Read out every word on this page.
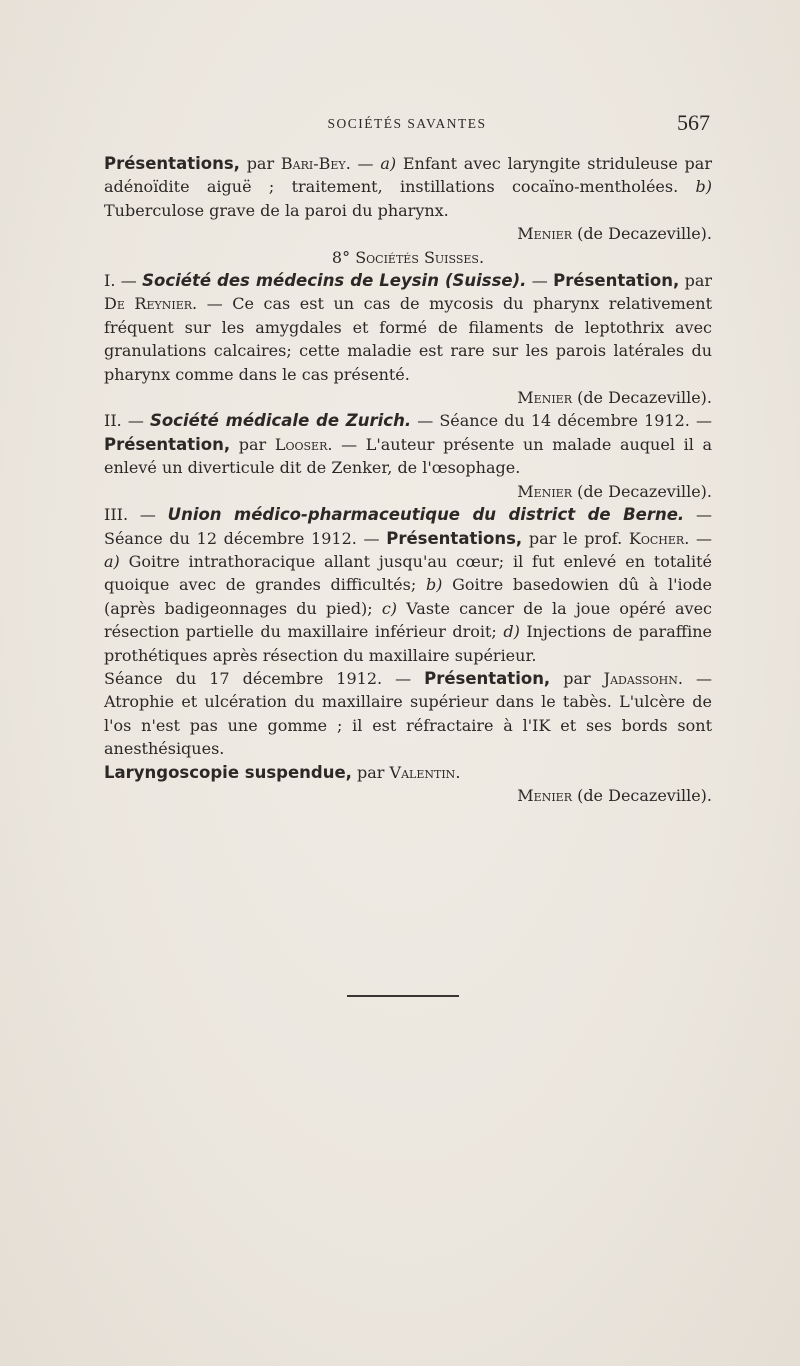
SOCIÉTÉS SAVANTES	567

Présentations, par Bari-Bey. — a) Enfant avec laryngite striduleuse par adénoïdite aiguë ; traitement, instillations cocaïno-mentholées. b) Tuberculose grave de la paroi du pharynx.

Menier (de Decazeville).

8° Sociétés Suisses.

I. — Société des médecins de Leysin (Suisse). — Présentation, par De Reynier. — Ce cas est un cas de mycosis du pharynx relativement fréquent sur les amygdales et formé de filaments de leptothrix avec granulations calcaires; cette maladie est rare sur les parois latérales du pharynx comme dans le cas présenté.

Menier (de Decazeville).

II. — Société médicale de Zurich. — Séance du 14 décembre 1912. — Présentation, par Looser. — L'auteur présente un malade auquel il a enlevé un diverticule dit de Zenker, de l'œsophage.

Menier (de Decazeville).

III. — Union médico-pharmaceutique du district de Berne. — Séance du 12 décembre 1912. — Présentations, par le prof. Kocher. — a) Goitre intrathoracique allant jusqu'au cœur; il fut enlevé en totalité quoique avec de grandes difficultés; b) Goitre basedowien dû à l'iode (après badigeonnages du pied); c) Vaste cancer de la joue opéré avec résection partielle du maxillaire inférieur droit; d) Injections de paraffine prothétiques après résection du maxillaire supérieur.

Séance du 17 décembre 1912. — Présentation, par Jadassohn. — Atrophie et ulcération du maxillaire supérieur dans le tabès. L'ulcère de l'os n'est pas une gomme ; il est réfractaire à l'IK et ses bords sont anesthésiques.

Laryngoscopie suspendue, par Valentin.

Menier (de Decazeville).
